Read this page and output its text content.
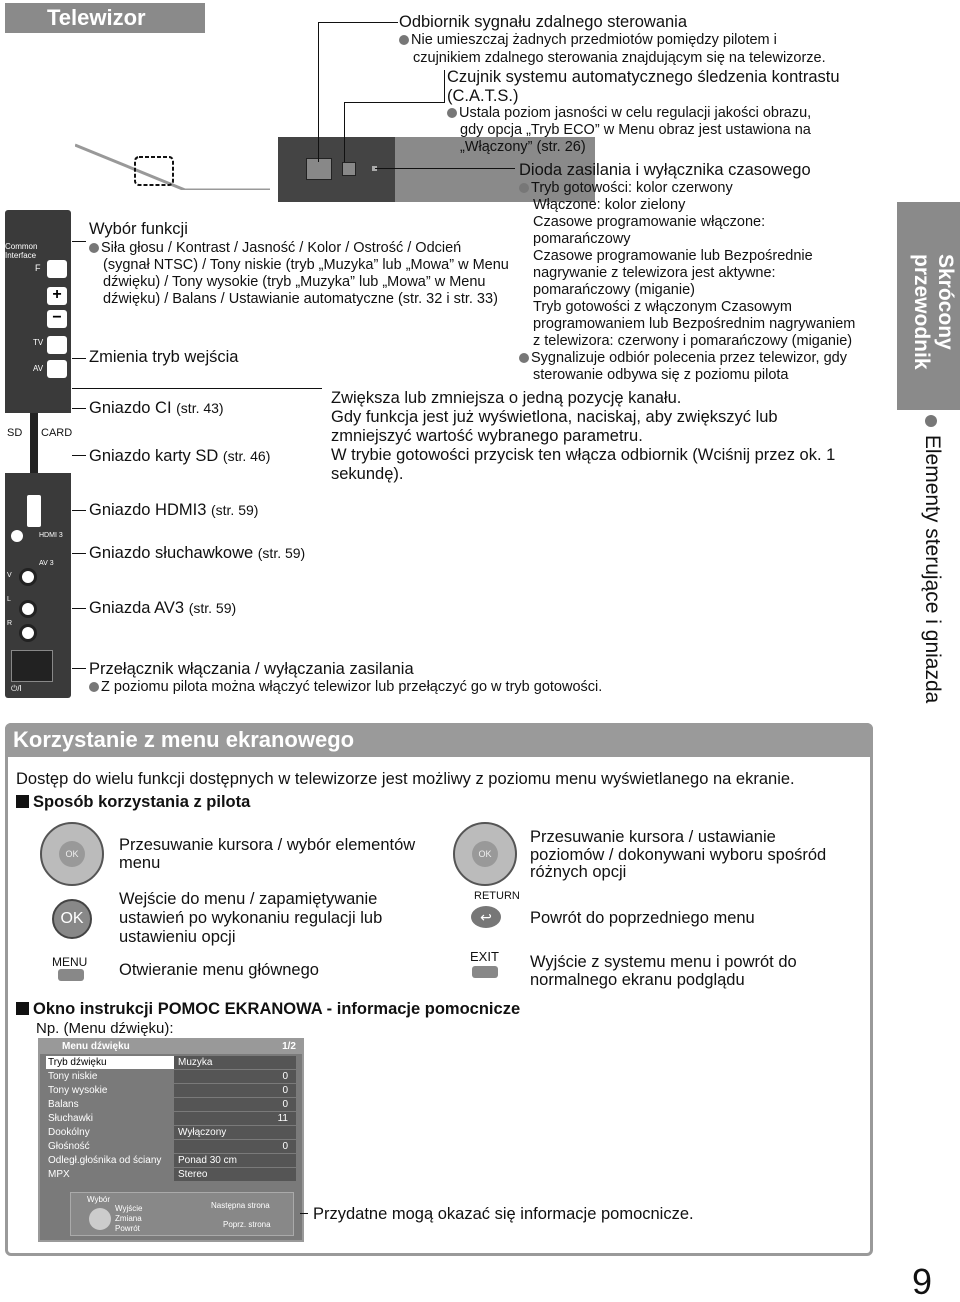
Telewizor	Odbiornik sygnału zdalnego sterowania
Nie umieszczaj żadnych przedmiotów pomiędzy pilotem i
czujnikiem zdalnego sterowania znajdującym się na telewizorze.
Czujnik systemu automatycznego śledzenia kontrastu
(C.A.T.S.)
Ustala poziom jasności w celu regulacji jakości obrazu,
gdy opcja „Tryb ECO” w Menu obraz jest ustawiona na
„Włączony” (str. 26)
Dioda zasilania i wyłącznika czasowego
Tryb gotowości: kolor czerwony
Włączone: kolor zielony
Czasowe programowanie włączone:
pomarańczowy
Czasowe programowanie lub Bezpośrednie
nagrywanie z telewizora jest aktywne:
pomarańczowy (miganie)
Tryb gotowości z włączonym Czasowym
programowaniem lub Bezpośrednim nagrywaniem
z telewizora: czerwony i pomarańczowy (miganie)
Sygnalizuje odbiór polecenia przez telewizor, gdy
sterowanie odbywa się z poziomu pilota
Common
Interface
F
+
−
TV
AV
SD CARD
HDMI 3
AV 3
V
L
R
⏻/I
Wybór funkcji
Siła głosu / Kontrast / Jasność / Kolor / Ostrość / Odcień
(sygnał NTSC) / Tony niskie (tryb „Muzyka” lub „Mowa” w Menu
dźwięku) / Tony wysokie (tryb „Muzyka” lub „Mowa” w Menu
dźwięku) / Balans / Ustawianie automatyczne (str. 32 i str. 33)
Zwiększa lub zmniejsza o jedną pozycję kanału.
Gdy funkcja jest już wyświetlona, naciskaj, aby zwiększyć lub
zmniejszyć wartość wybranego parametru.
W trybie gotowości przycisk ten włącza odbiornik (Wciśnij przez ok. 1
sekundę).
Zmienia tryb wejścia
Gniazdo CI (str. 43)
Gniazdo karty SD (str. 46)
Gniazdo HDMI3 (str. 59)
Gniazdo słuchawkowe (str. 59)
Gniazda AV3 (str. 59)
Przełącznik włączania / wyłączania zasilania
Z poziomu pilota można włączyć telewizor lub przełączyć go w tryb gotowości.
Skrócony
przewodnik
Elementy sterujące i gniazda
Korzystanie z menu ekranowego
Dostęp do wielu funkcji dostępnych w telewizorze jest możliwy z poziomu menu wyświetlanego na ekranie.
Sposób korzystania z pilota
OK
OK
MENU
Przesuwanie kursora / wybór elementów
menu
Wejście do menu / zapamiętywanie
ustawień po wykonaniu regulacji lub
ustawieniu opcji
Otwieranie menu głównego
OK
RETURN
↩
EXIT
Przesuwanie kursora / ustawianie
poziomów / dokonywani wyboru spośród
różnych opcji
Powrót do poprzedniego menu
Wyjście z systemu menu i powrót do
normalnego ekranu podglądu
Okno instrukcji POMOC EKRANOWA - informacje pomocnicze
Np. (Menu dźwięku):
Menu dźwięku	1/2
Tryb dźwięku	Muzyka
Tony niskie	0
Tony wysokie	0
Balans	0
Słuchawki	11
Dookólny	Wyłączony
Głośność	0
Odległ.głośnika od ściany	Ponad 30 cm
MPX	Stereo
Wybór
Wyjście
Zmiana
Powrót
Następna strona
Poprz. strona
Przydatne mogą okazać się informacje pomocnicze.
9
